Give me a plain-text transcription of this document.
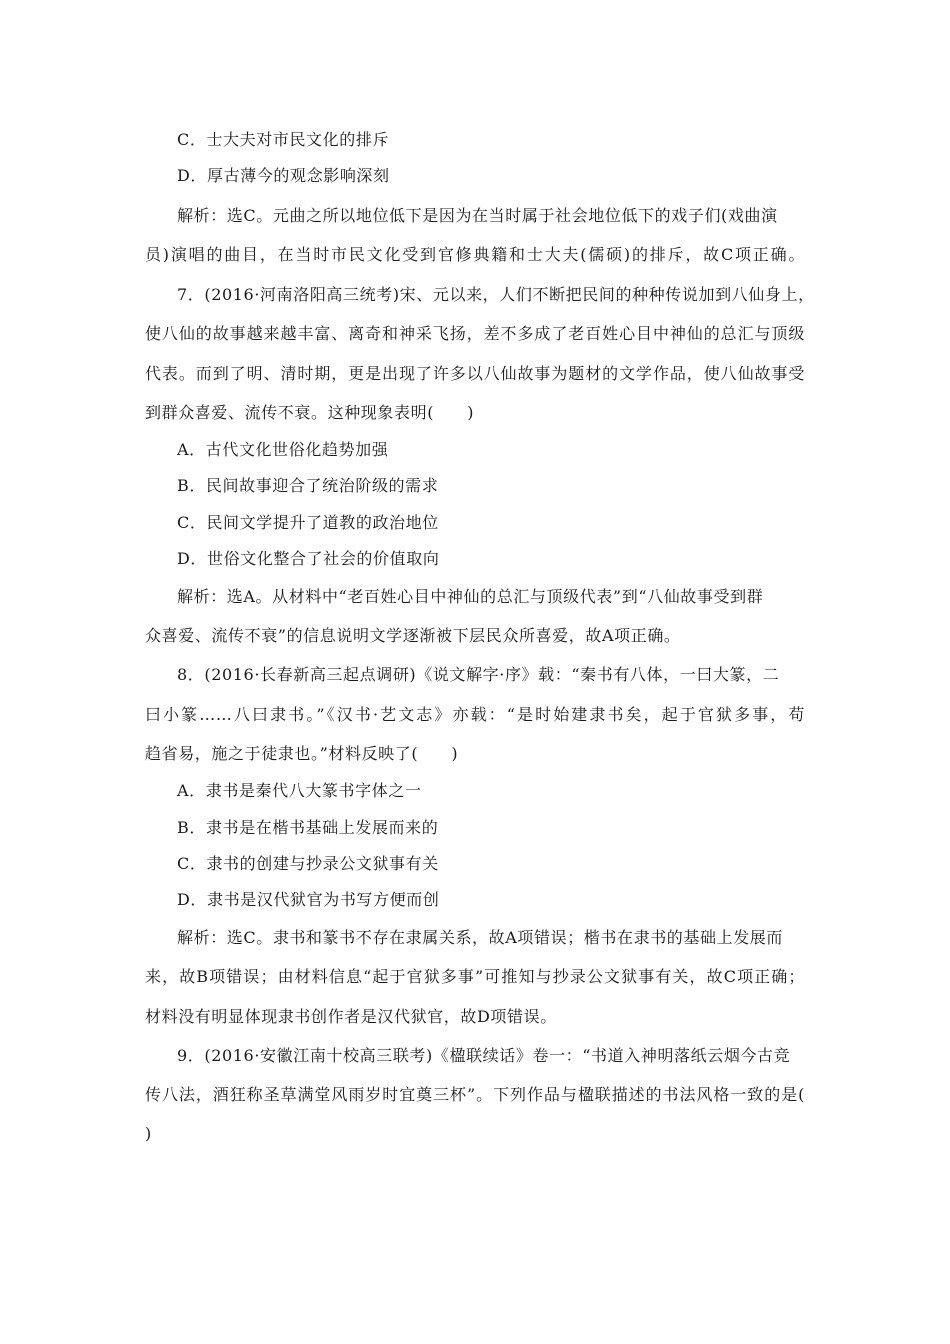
C．士大夫对市民文化的排斥
D．厚古薄今的观念影响深刻
解析：选C。元曲之所以地位低下是因为在当时属于社会地位低下的戏子们(戏曲演
员)演唱的曲目，在当时市民文化受到官修典籍和士大夫(儒硕)的排斥，故C项正确。
7．(2016·河南洛阳高三统考)宋、元以来，人们不断把民间的种种传说加到八仙身上，
使八仙的故事越来越丰富、离奇和神采飞扬，差不多成了老百姓心目中神仙的总汇与顶级
代表。而到了明、清时期，更是出现了许多以八仙故事为题材的文学作品，使八仙故事受
到群众喜爱、流传不衰。这种现象表明(　　)
A．古代文化世俗化趋势加强
B．民间故事迎合了统治阶级的需求
C．民间文学提升了道教的政治地位
D．世俗文化整合了社会的价值取向
解析：选A。从材料中“老百姓心目中神仙的总汇与顶级代表”到“八仙故事受到群
众喜爱、流传不衰”的信息说明文学逐渐被下层民众所喜爱，故A项正确。
8．(2016·长春新高三起点调研)《说文解字·序》载：“秦书有八体，一曰大篆，二
曰小篆……八曰隶书。”《汉书·艺文志》亦载：“是时始建隶书矣，起于官狱多事，苟
趋省易，施之于徒隶也。”材料反映了(　　)
A．隶书是秦代八大篆书字体之一
B．隶书是在楷书基础上发展而来的
C．隶书的创建与抄录公文狱事有关
D．隶书是汉代狱官为书写方便而创
解析：选C。隶书和篆书不存在隶属关系，故A项错误；楷书在隶书的基础上发展而
来，故B项错误；由材料信息“起于官狱多事”可推知与抄录公文狱事有关，故C项正确；
材料没有明显体现隶书创作者是汉代狱官，故D项错误。
9．(2016·安徽江南十校高三联考)《楹联续话》卷一：“书道入神明落纸云烟今古竞
传八法，酒狂称圣草满堂风雨岁时宜奠三杯”。下列作品与楹联描述的书法风格一致的是(
)
